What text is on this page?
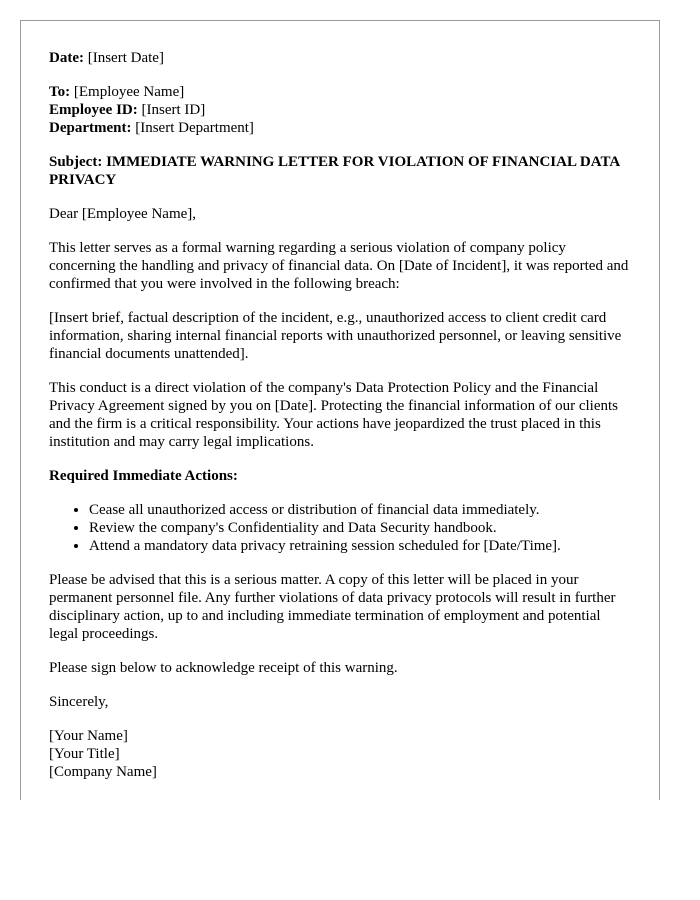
Date: [Insert Date]

To: [Employee Name]
Employee ID: [Insert ID]
Department: [Insert Department]

Subject: IMMEDIATE WARNING LETTER FOR VIOLATION OF FINANCIAL DATA PRIVACY

Dear [Employee Name],

This letter serves as a formal warning regarding a serious violation of company policy concerning the handling and privacy of financial data. On [Date of Incident], it was reported and confirmed that you were involved in the following breach:

[Insert brief, factual description of the incident, e.g., unauthorized access to client credit card information, sharing internal financial reports with unauthorized personnel, or leaving sensitive financial documents unattended].

This conduct is a direct violation of the company's Data Protection Policy and the Financial Privacy Agreement signed by you on [Date]. Protecting the financial information of our clients and the firm is a critical responsibility. Your actions have jeopardized the trust placed in this institution and may carry legal implications.

Required Immediate Actions:

• Cease all unauthorized access or distribution of financial data immediately.
• Review the company's Confidentiality and Data Security handbook.
• Attend a mandatory data privacy retraining session scheduled for [Date/Time].

Please be advised that this is a serious matter. A copy of this letter will be placed in your permanent personnel file. Any further violations of data privacy protocols will result in further disciplinary action, up to and including immediate termination of employment and potential legal proceedings.

Please sign below to acknowledge receipt of this warning.

Sincerely,

[Your Name]
[Your Title]
[Company Name]
